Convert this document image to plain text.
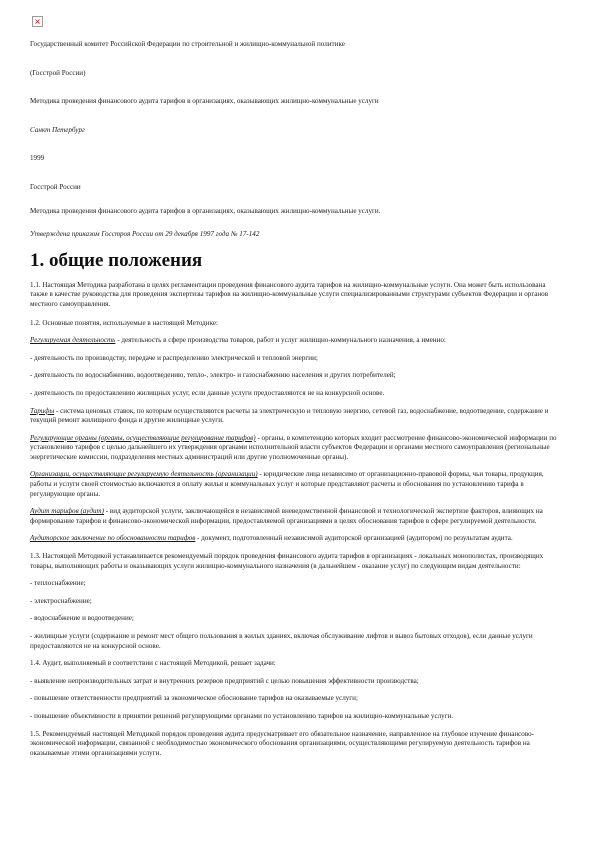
×

Государственный комитет Российской Федерации по строительной и жилищно-коммунальной политике

(Госстрой России)

Методика проведения финансового аудита тарифов в организациях, оказывающих жилищно-коммунальные услуги

Санкт Петербург

1999

Госстрой России

Методика проведения финансового аудита тарифов в организациях, оказывающих жилищно-коммунальные услуги.

Утверждена приказом Госстроя России от 29 декабря 1997 года № 17-142

1. общие положения

1.1. Настоящая Методика разработана в целях регламентации проведения финансового аудита тарифов на жилищно-коммунальные услуги. Она может быть использована также в качестве руководства для проведения экспертизы тарифов на жилищно-коммунальные услуги специализированными структурами субъектов Федерации и органов местного самоуправления.

1.2. Основные понятия, используемые в настоящей Методике:

Регулируемая деятельность - деятельность в сфере производства товаров, работ и услуг жилищно-коммунального назначения, а именно:

- деятельность по производству, передаче и распределению электрической и тепловой энергии;

- деятельность по водоснабжению, водоотведению, тепло-, электро- и газоснабжению населения и других потребителей;

- деятельность по предоставлению жилищных услуг, если данные услуги предоставляются не на конкурсной основе.

Тарифы - система ценовых ставок, по которым осуществляются расчеты за электрическую и тепловую энергию, сетевой газ, водоснабжение, водоотведение, содержание и текущий ремонт жилищного фонда и другие жилищные услуги.

Регулирующие органы (органы, осуществляющие регулирование тарифов) - органы, в компетенцию которых входит рассмотрение финансово-экономической информации по установлению тарифов с целью дальнейшего их утверждения органами исполнительной власти субъектов Федерации и органами местного самоуправления (региональные энергетические комиссии, подразделения местных администраций или другие уполномоченные органы).

Организации, осуществляющие регулируемую деятельность (организации) - юридические лица независимо от организационно-правовой формы, чьи товары, продукция, работы и услуги своей стоимостью включаются в оплату жилья и коммунальных услуг и которые представляют расчеты и обоснования по установлению тарифа в регулирующие органы.

Аудит тарифов (аудит) - вид аудиторской услуги, заключающейся в независимой вневедомственной финансовой и технологической экспертизе факторов, влияющих на формирование тарифов и финансово-экономической информации, предоставляемой организациями в целях обоснования тарифов в сфере регулируемой деятельности.

Аудиторское заключение по обоснованности тарифов - документ, подготовленный независимой аудиторской организацией (аудитором) по результатам аудита.

1.3. Настоящей Методикой устанавливается рекомендуемый порядок проведения финансового аудита тарифов в организациях - локальных монополистах, производящих товары, выполняющих работы и оказывающих услуги жилищно-коммунального назначения (в дальнейшем - оказание услуг) по следующим видам деятельности:

- теплоснабжение;

- электроснабжение;

- водоснабжение и водоотведение;

- жилищные услуги (содержание и ремонт мест общего пользования в жилых зданиях, включая обслуживание лифтов и вывоз бытовых отходов), если данные услуги предоставляются не на конкурсной основе.

1.4. Аудит, выполняемый в соответствии с настоящей Методикой, решает задачи:

- выявление непроизводительных затрат и внутренних резервов предприятий с целью повышения эффективности производства;

- повышение ответственности предприятий за экономическое обоснование тарифов на оказываемые услуги;

- повышение объективности в принятии решений регулирующими органами по установлению тарифов на жилищно-коммунальные услуги.

1.5. Рекомендуемый настоящей Методикой порядок проведения аудита предусматривает его обязательное назначение, направленное на глубокое изучение финансово-экономической информации, связанной с необходимостью экономического обоснования организациями, осуществляющими регулируемую деятельность тарифов на оказываемые этими организациями услуги.
